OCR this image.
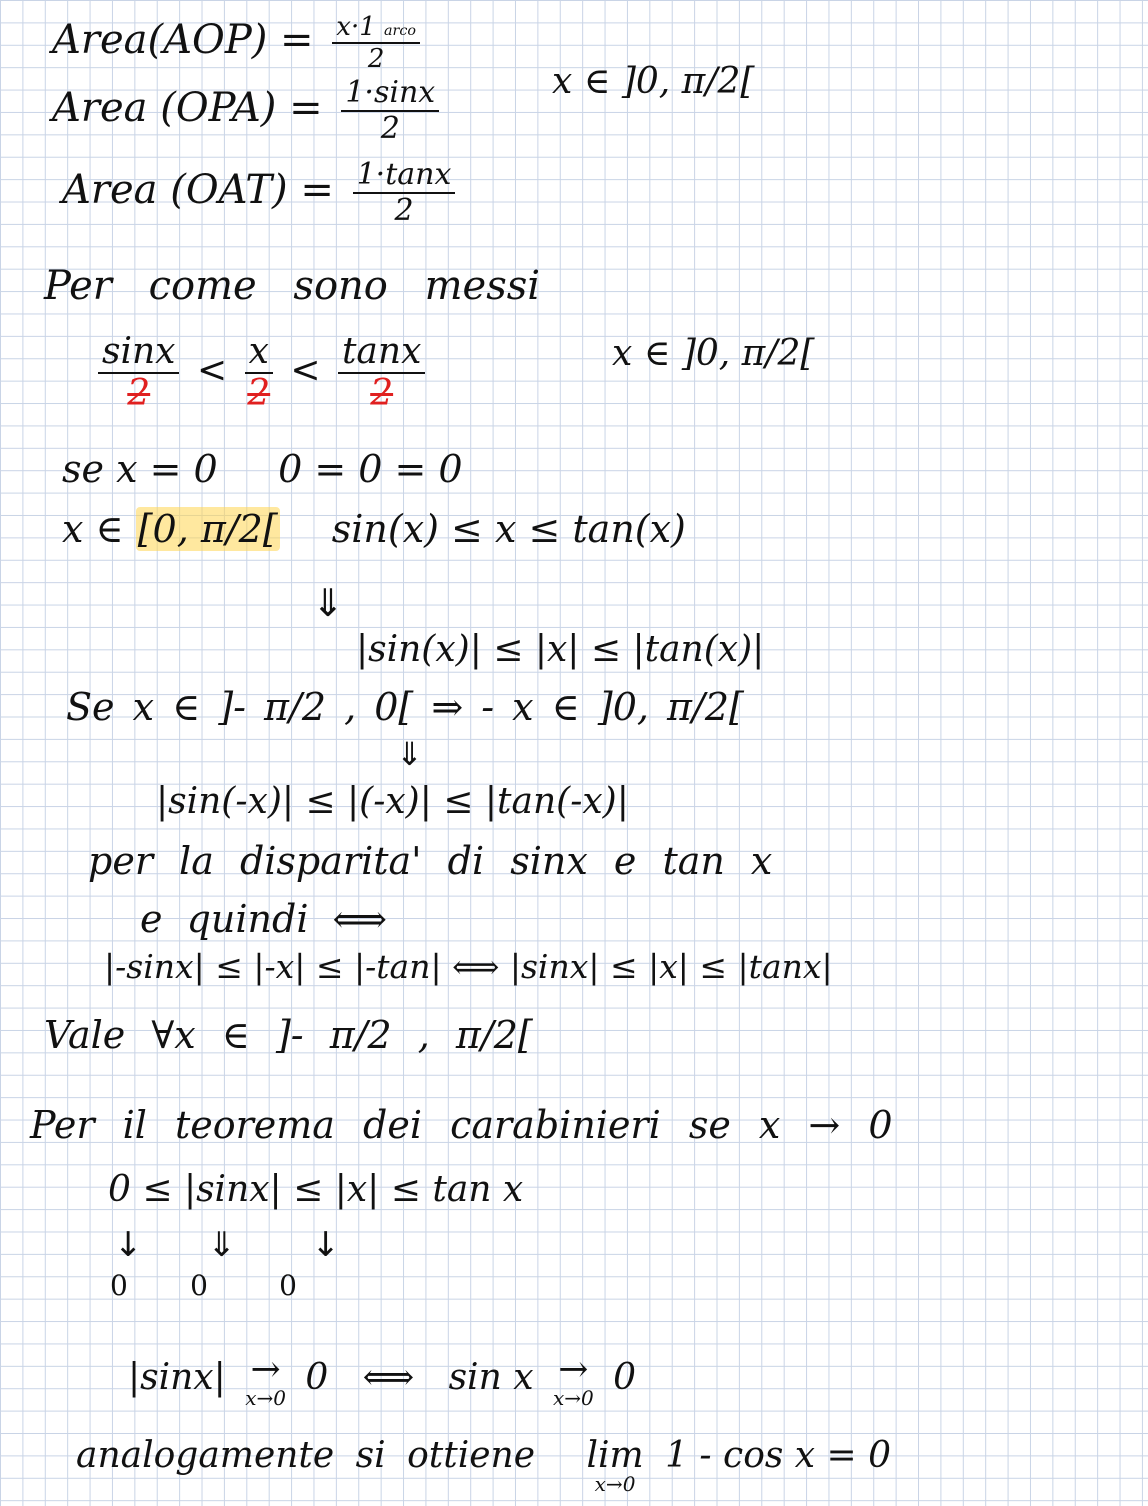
Area(AOP) = $\frac{\text{x·1 arco}}{2}$
Area $(OPA) = \frac{1\cdot\sin x}{2}$	x ∈ ]0, π/2[
Area $(OAT) = \frac{1\cdot\tan x}{2}$
Per come sono messi
$\frac{\sin x}{2} < \frac{x}{2} < \frac{\tan x}{2}$	x ∈ ]0, π/2[
se x = 0     0 = 0 = 0
x ∈ [0, π/2[ sin(x) ≤ x ≤ tan(x)
⇓
|sin(x)| ≤ |x| ≤ |tan(x)|
Se x ∈ ]- π/2 , 0[ ⇒ - x ∈ ]0, π/2[
⇓
|sin(-x)| ≤ |(-x)| ≤ |tan(-x)|
per la disparita' di sinx e tan x
e quindi ⟺
|-sinx| ≤ |-x| ≤ |-tan| ⟺ |sinx| ≤ |x| ≤ |tanx|
Vale ∀x ∈ ]- π/2 , π/2[
Per il teorema dei carabinieri se x → 0
0 ≤ |sinx| ≤ |x| ≤ tan x
↓      ⇓       ↓
0       0        0
|sinx| →
x→0 0   ⟺   sin x →
x→0 0
analogamente si ottiene lim
x→0
1 - cos x = 0
